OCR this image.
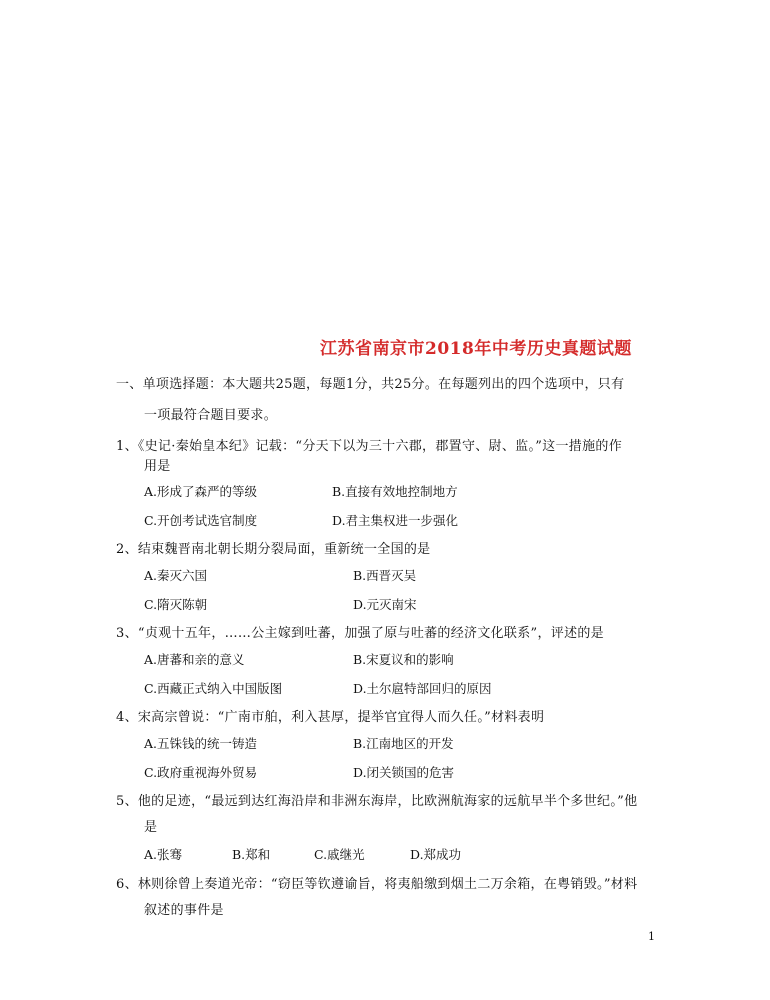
江苏省南京市2018年中考历史真题试题
一、单项选择题：本大题共25题，每题1分，共25分。在每题列出的四个选项中，只有
一项最符合题目要求。
1、《史记·秦始皇本纪》记载：“分天下以为三十六郡，郡置守、尉、监。”这一措施的作
用是
A.形成了森严的等级	B.直接有效地控制地方
C.开创考试选官制度	D.君主集权进一步强化
2、结束魏晋南北朝长期分裂局面，重新统一全国的是
A.秦灭六国	B.西晋灭吴
C.隋灭陈朝	D.元灭南宋
3、“贞观十五年，……公主嫁到吐蕃，加强了原与吐蕃的经济文化联系”，评述的是
A.唐蕃和亲的意义	B.宋夏议和的影响
C.西藏正式纳入中国版图	D.土尔扈特部回归的原因
4、宋高宗曾说：“广南市舶，利入甚厚，提举官宜得人而久任。”材料表明
A.五铢钱的统一铸造	B.江南地区的开发
C.政府重视海外贸易	D.闭关锁国的危害
5、他的足迹，“最远到达红海沿岸和非洲东海岸，比欧洲航海家的远航早半个多世纪。”他
是
A.张骞	B.郑和	C.戚继光	D.郑成功
6、林则徐曾上奏道光帝：“窃臣等钦遵谕旨，将夷船缴到烟土二万余箱，在粤销毁。”材料
叙述的事件是
1
